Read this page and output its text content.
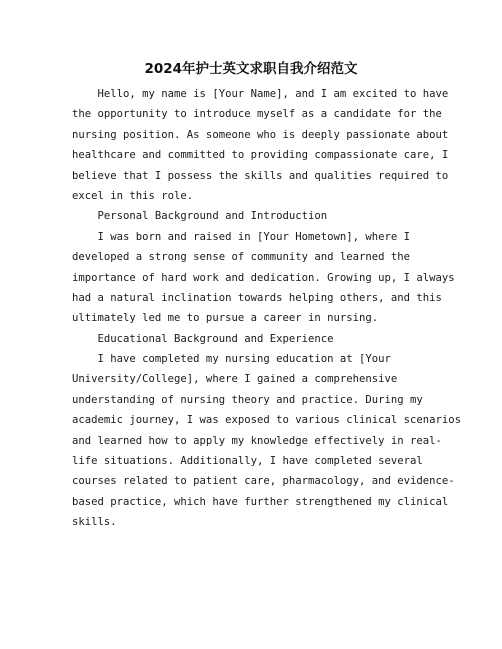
2024年护士英文求职自我介绍范文
Hello, my name is [Your Name], and I am excited to have
the opportunity to introduce myself as a candidate for the
nursing position. As someone who is deeply passionate about
healthcare and committed to providing compassionate care, I
believe that I possess the skills and qualities required to
excel in this role.
Personal Background and Introduction
I was born and raised in [Your Hometown], where I
developed a strong sense of community and learned the
importance of hard work and dedication. Growing up, I always
had a natural inclination towards helping others, and this
ultimately led me to pursue a career in nursing.
Educational Background and Experience
I have completed my nursing education at [Your
University/College], where I gained a comprehensive
understanding of nursing theory and practice. During my
academic journey, I was exposed to various clinical scenarios
and learned how to apply my knowledge effectively in real-
life situations. Additionally, I have completed several
courses related to patient care, pharmacology, and evidence-
based practice, which have further strengthened my clinical
skills.
